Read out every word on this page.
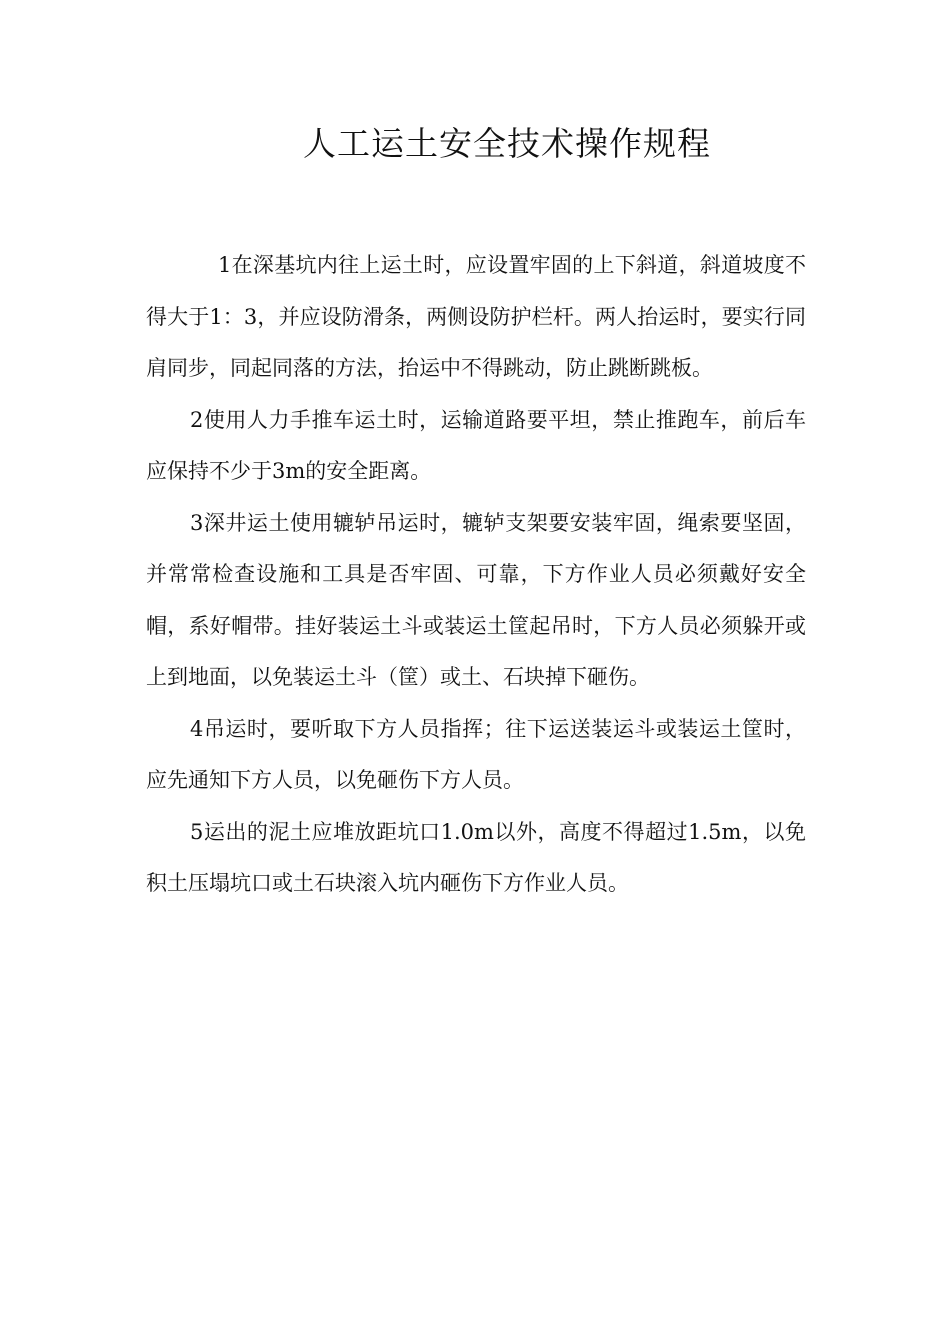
人工运土安全技术操作规程

1在深基坑内往上运土时，应设置牢固的上下斜道，斜道坡度不得大于1：3，并应设防滑条，两侧设防护栏杆。两人抬运时，要实行同肩同步，同起同落的方法，抬运中不得跳动，防止跳断跳板。

2使用人力手推车运土时，运输道路要平坦，禁止推跑车，前后车应保持不少于3m的安全距离。

3深井运土使用辘轳吊运时，辘轳支架要安装牢固，绳索要坚固，并常常检查设施和工具是否牢固、可靠，下方作业人员必须戴好安全帽，系好帽带。挂好装运土斗或装运土筐起吊时，下方人员必须躲开或上到地面，以免装运土斗（筐）或土、石块掉下砸伤。

4吊运时，要听取下方人员指挥；往下运送装运斗或装运土筐时，应先通知下方人员，以免砸伤下方人员。

5运出的泥土应堆放距坑口1.0m以外，高度不得超过1.5m，以免积土压塌坑口或土石块滚入坑内砸伤下方作业人员。
